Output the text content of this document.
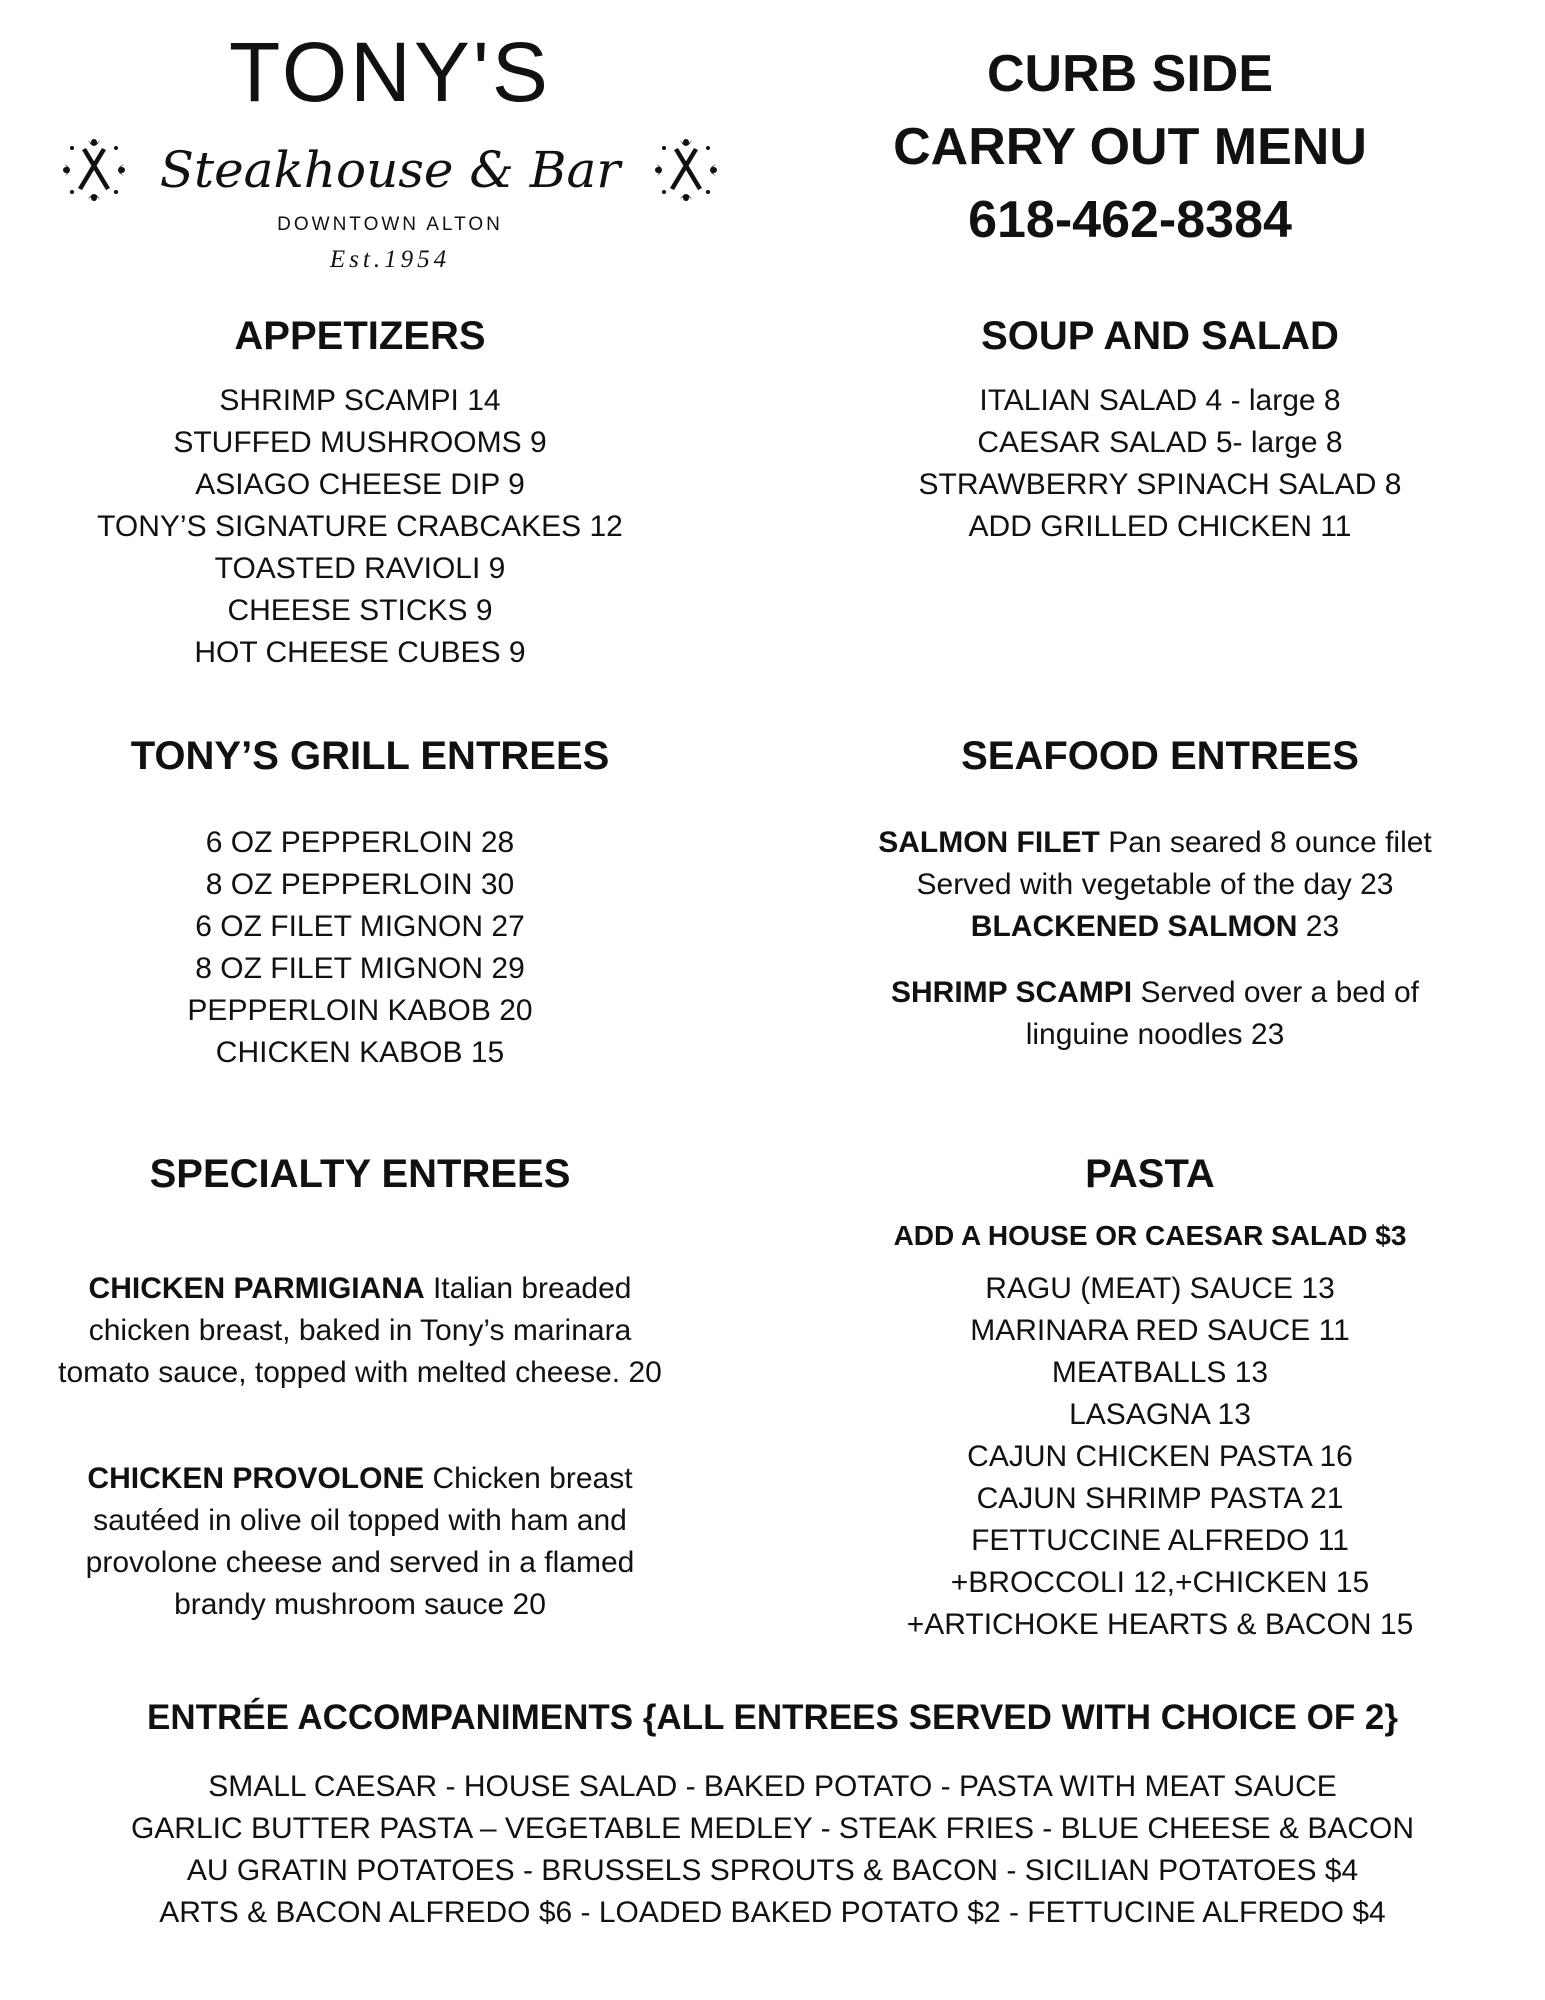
TONY'S
Steakhouse & Bar
DOWNTOWN ALTON
Est.1954
CURB SIDE
CARRY OUT MENU
618-462-8384
APPETIZERS
SHRIMP SCAMPI 14
STUFFED MUSHROOMS 9
ASIAGO CHEESE DIP 9
TONY’S SIGNATURE CRABCAKES 12
TOASTED RAVIOLI 9
CHEESE STICKS 9
HOT CHEESE CUBES 9
SOUP AND SALAD
ITALIAN SALAD 4 - large 8
CAESAR SALAD 5- large 8
STRAWBERRY SPINACH SALAD 8
ADD GRILLED CHICKEN 11
TONY’S GRILL ENTREES
6 OZ PEPPERLOIN 28
8 OZ PEPPERLOIN 30
6 OZ FILET MIGNON 27
8 OZ FILET MIGNON 29
PEPPERLOIN KABOB 20
CHICKEN KABOB 15
SEAFOOD ENTREES
SALMON FILET Pan seared 8 ounce filet Served with vegetable of the day 23
BLACKENED SALMON 23
SHRIMP SCAMPI Served over a bed of linguine noodles 23
SPECIALTY ENTREES
CHICKEN PARMIGIANA Italian breaded chicken breast, baked in Tony’s marinara tomato sauce, topped with melted cheese. 20
CHICKEN PROVOLONE Chicken breast sautéed in olive oil topped with ham and provolone cheese and served in a flamed brandy mushroom sauce 20
PASTA
ADD A HOUSE OR CAESAR SALAD $3
RAGU (MEAT) SAUCE 13
MARINARA RED SAUCE 11
MEATBALLS 13
LASAGNA 13
CAJUN CHICKEN PASTA 16
CAJUN SHRIMP PASTA 21
FETTUCCINE ALFREDO 11
+BROCCOLI 12,+CHICKEN 15
+ARTICHOKE HEARTS & BACON 15
ENTRÉE ACCOMPANIMENTS {ALL ENTREES SERVED WITH CHOICE OF 2}
SMALL CAESAR - HOUSE SALAD - BAKED POTATO - PASTA WITH MEAT SAUCE
GARLIC BUTTER PASTA – VEGETABLE MEDLEY - STEAK FRIES - BLUE CHEESE & BACON
AU GRATIN POTATOES - BRUSSELS SPROUTS & BACON - SICILIAN POTATOES $4
ARTS & BACON ALFREDO $6 - LOADED BAKED POTATO $2 - FETTUCINE ALFREDO $4
